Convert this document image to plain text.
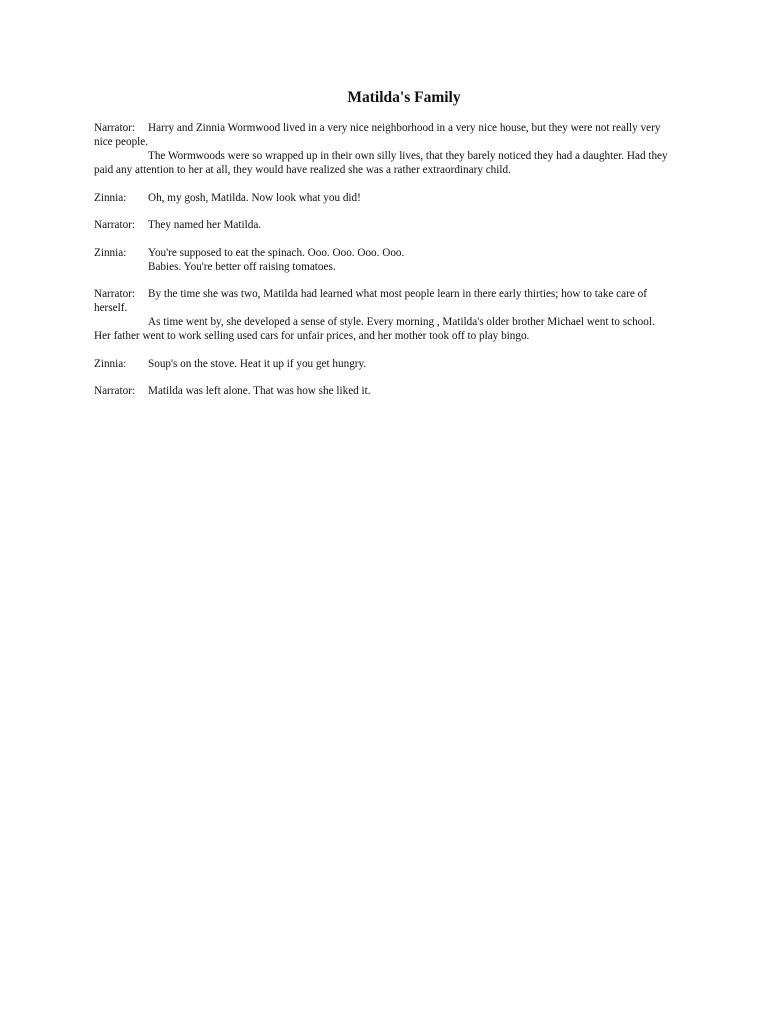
Matilda's Family

Narrator: Harry and Zinnia Wormwood lived in a very nice neighborhood in a very nice house, but they were not really very nice people.

The Wormwoods were so wrapped up in their own silly lives, that they barely noticed they had a daughter. Had they paid any attention to her at all, they would have realized she was a rather extraordinary child.

Zinnia: Oh, my gosh, Matilda. Now look what you did!

Narrator: They named her Matilda.

Zinnia: You're supposed to eat the spinach. Ooo. Ooo. Ooo. Ooo.

Babies. You're better off raising tomatoes.

Narrator: By the time she was two, Matilda had learned what most people learn in there early thirties; how to take care of herself.

As time went by, she developed a sense of style. Every morning , Matilda's older brother Michael went to school. Her father went to work selling used cars for unfair prices, and her mother took off to play bingo.

Zinnia: Soup's on the stove. Heat it up if you get hungry.

Narrator: Matilda was left alone. That was how she liked it.
